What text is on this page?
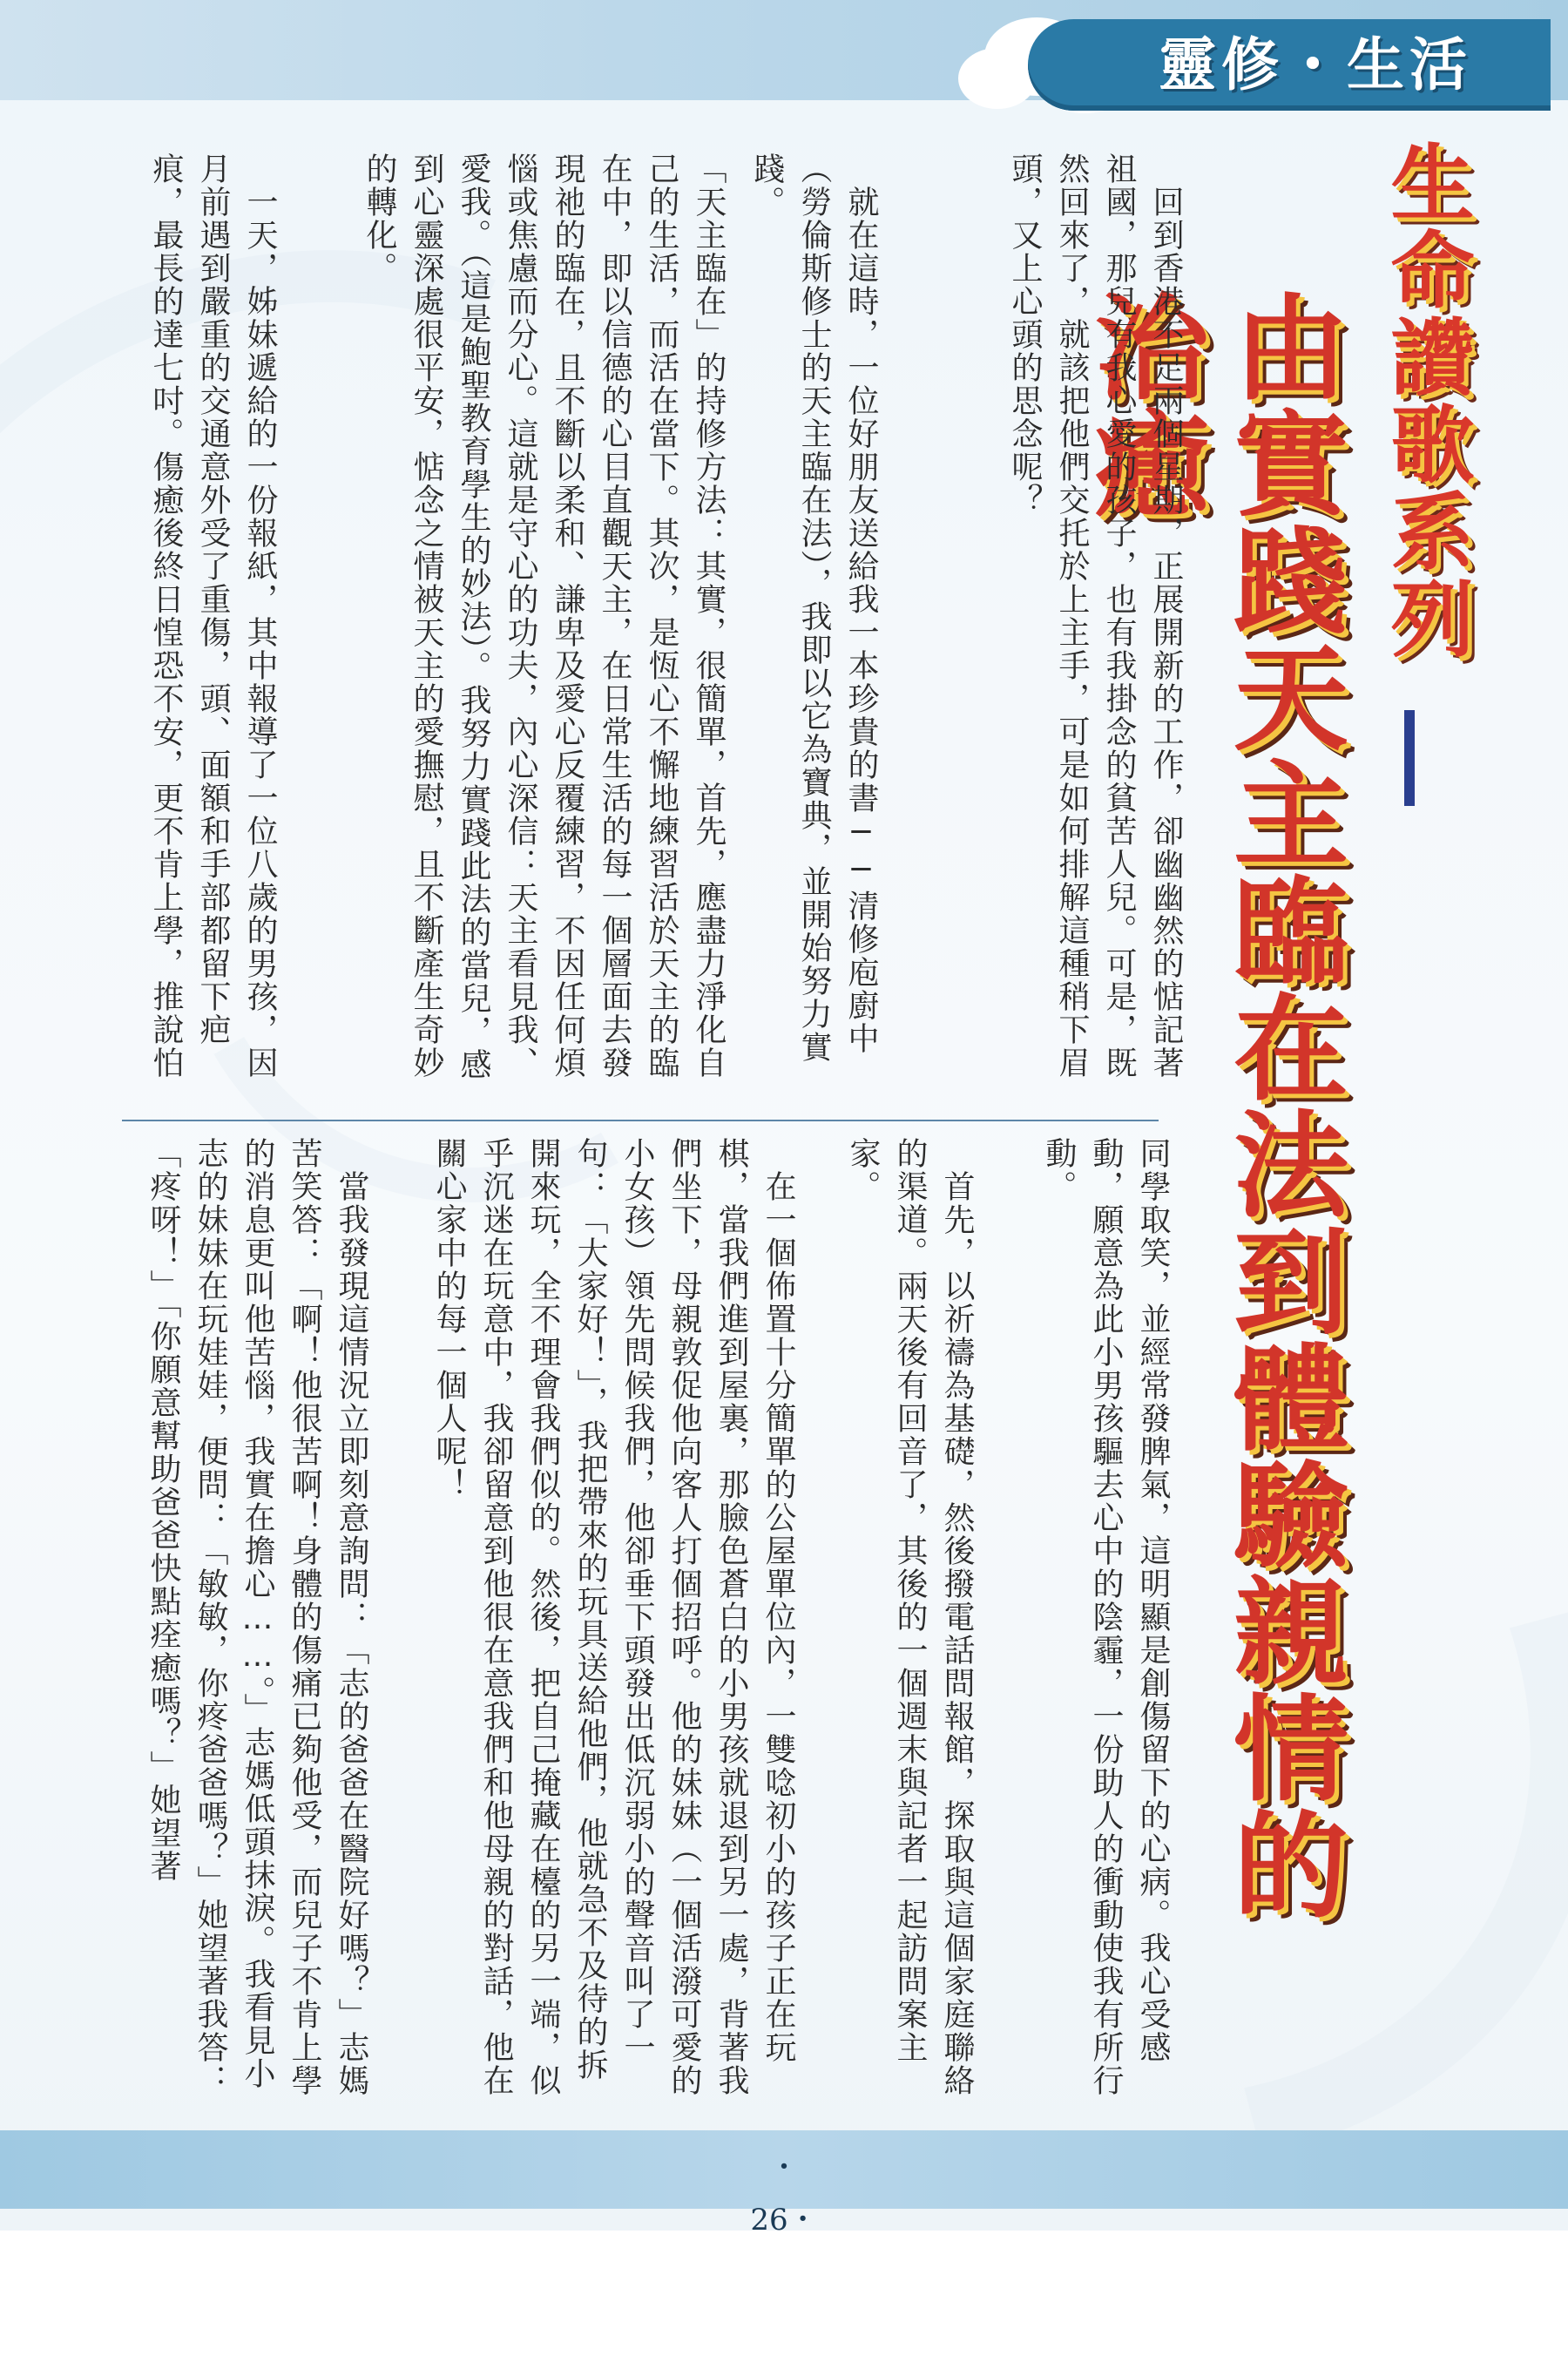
靈修・生活
生命讚歌系列
由實踐天主臨在法到體驗親情的治癒
　回到香港不足兩個星期，正展開新的工作，卻幽幽然的惦記著祖國，那兒有我心愛的孩子，也有我掛念的貧苦人兒。可是，既然回來了，就該把他們交托於上主手，可是如何排解這種稍下眉頭，又上心頭的思念呢？
　就在這時，一位好朋友送給我一本珍貴的書──清修庖廚中（勞倫斯修士的天主臨在法），我即以它為寶典，並開始努力實踐。
「天主臨在」的持修方法：其實，很簡單，首先，應盡力淨化自己的生活，而活在當下。其次，是恆心不懈地練習活於天主的臨在中，即以信德的心目直觀天主，在日常生活的每一個層面去發現祂的臨在，且不斷以柔和、謙卑及愛心反覆練習，不因任何煩惱或焦慮而分心。這就是守心的功夫，內心深信：天主看見我、愛我。（這是鮑聖教育學生的妙法）。我努力實踐此法的當兒，感到心靈深處很平安，惦念之情被天主的愛撫慰，且不斷產生奇妙的轉化。
　一天，姊妹遞給的一份報紙，其中報導了一位八歲的男孩，因月前遇到嚴重的交通意外受了重傷，頭、面額和手部都留下疤痕，最長的達七吋。傷癒後終日惶恐不安，更不肯上學，推說怕
同學取笑，並經常發脾氣，這明顯是創傷留下的心病。我心受感動，願意為此小男孩驅去心中的陰霾，一份助人的衝動使我有所行動。
　首先，以祈禱為基礎，然後撥電話問報館，探取與這個家庭聯絡的渠道。兩天後有回音了，其後的一個週末與記者一起訪問案主家。
　在一個佈置十分簡單的公屋單位內，一雙唸初小的孩子正在玩棋，當我們進到屋裏，那臉色蒼白的小男孩就退到另一處，背著我們坐下，母親敦促他向客人打個招呼。他的妹妹（一個活潑可愛的小女孩）領先問候我們，他卻垂下頭發出低沉弱小的聲音叫了一句：「大家好！」，我把帶來的玩具送給他們，他就急不及待的拆開來玩，全不理會我們似的。然後，把自己掩藏在檯的另一端，似乎沉迷在玩意中，我卻留意到他很在意我們和他母親的對話，他在關心家中的每一個人呢！
　當我發現這情況立即刻意詢問：「志的爸爸在醫院好嗎？」志媽苦笑答：「啊！他很苦啊！身體的傷痛已夠他受，而兒子不肯上學的消息更叫他苦惱，我實在擔心……。」志媽低頭抹淚。我看見小志的妹妹在玩娃娃，便問：「敏敏，你疼爸爸嗎？」她望著我答：「疼呀！」「你願意幫助爸爸快點痊癒嗎？」她望著
・26・
